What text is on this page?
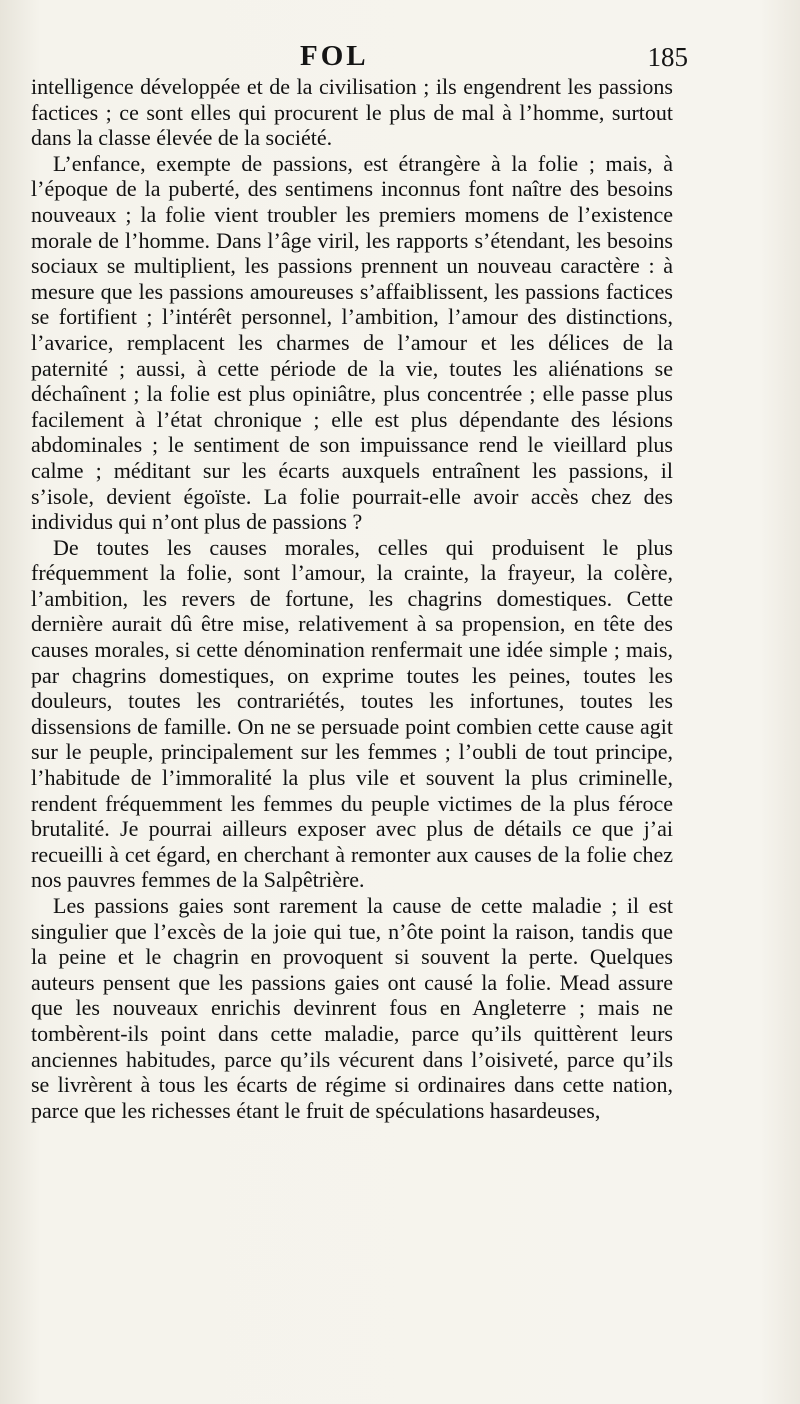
FOL	185

intelligence développée et de la civilisation ; ils engendrent les passions factices ; ce sont elles qui procurent le plus de mal à l’homme, surtout dans la classe élevée de la société.

L’enfance, exempte de passions, est étrangère à la folie ; mais, à l’époque de la puberté, des sentimens inconnus font naître des besoins nouveaux ; la folie vient troubler les premiers momens de l’existence morale de l’homme. Dans l’âge viril, les rapports s’étendant, les besoins sociaux se multiplient, les passions prennent un nouveau caractère : à mesure que les passions amoureuses s’affaiblissent, les passions factices se fortifient ; l’intérêt personnel, l’ambition, l’amour des distinctions, l’avarice, remplacent les charmes de l’amour et les délices de la paternité ; aussi, à cette période de la vie, toutes les aliénations se déchaînent ; la folie est plus opiniâtre, plus concentrée ; elle passe plus facilement à l’état chronique ; elle est plus dépendante des lésions abdominales ; le sentiment de son impuissance rend le vieillard plus calme ; méditant sur les écarts auxquels entraînent les passions, il s’isole, devient égoïste. La folie pourrait-elle avoir accès chez des individus qui n’ont plus de passions ?

De toutes les causes morales, celles qui produisent le plus fréquemment la folie, sont l’amour, la crainte, la frayeur, la colère, l’ambition, les revers de fortune, les chagrins domestiques. Cette dernière aurait dû être mise, relativement à sa propension, en tête des causes morales, si cette dénomination renfermait une idée simple ; mais, par chagrins domestiques, on exprime toutes les peines, toutes les douleurs, toutes les contrariétés, toutes les infortunes, toutes les dissensions de famille. On ne se persuade point combien cette cause agit sur le peuple, principalement sur les femmes ; l’oubli de tout principe, l’habitude de l’immoralité la plus vile et souvent la plus criminelle, rendent fréquemment les femmes du peuple victimes de la plus féroce brutalité. Je pourrai ailleurs exposer avec plus de détails ce que j’ai recueilli à cet égard, en cherchant à remonter aux causes de la folie chez nos pauvres femmes de la Salpêtrière.

Les passions gaies sont rarement la cause de cette maladie ; il est singulier que l’excès de la joie qui tue, n’ôte point la raison, tandis que la peine et le chagrin en provoquent si souvent la perte. Quelques auteurs pensent que les passions gaies ont causé la folie. Mead assure que les nouveaux enrichis devinrent fous en Angleterre ; mais ne tombèrent-ils point dans cette maladie, parce qu’ils quittèrent leurs anciennes habitudes, parce qu’ils vécurent dans l’oisiveté, parce qu’ils se livrèrent à tous les écarts de régime si ordinaires dans cette nation, parce que les richesses étant le fruit de spéculations hasardeuses,
